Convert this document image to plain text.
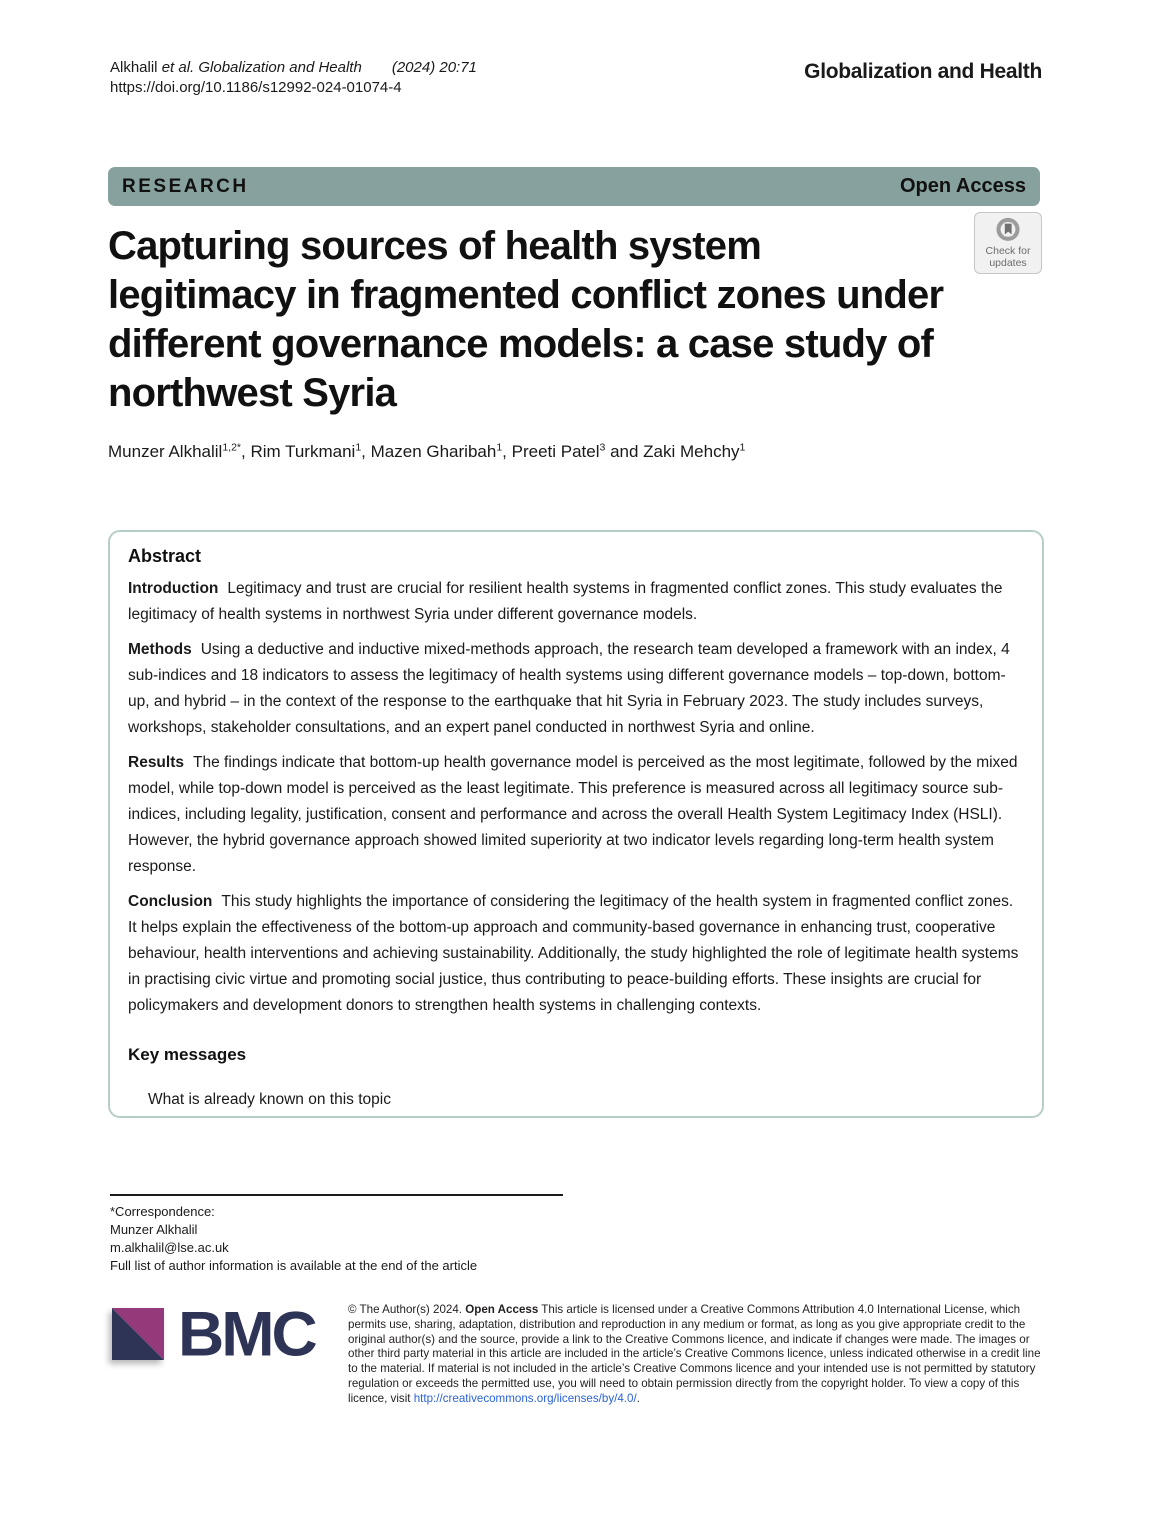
Alkhalil et al. Globalization and Health (2024) 20:71
https://doi.org/10.1186/s12992-024-01074-4
Globalization and Health
RESEARCH	Open Access
Check for
updates
Capturing sources of health system legitimacy in fragmented conflict zones under different governance models: a case study of northwest Syria
Munzer Alkhalil$^{1,2*}$, Rim Turkmani$^1$, Mazen Gharibah$^1$, Preeti Patel$^3$ and Zaki Mehchy$^1$
Abstract

Introduction Legitimacy and trust are crucial for resilient health systems in fragmented conflict zones. This study evaluates the legitimacy of health systems in northwest Syria under different governance models.

Methods Using a deductive and inductive mixed-methods approach, the research team developed a framework with an index, 4 sub-indices and 18 indicators to assess the legitimacy of health systems using different governance models – top-down, bottom-up, and hybrid – in the context of the response to the earthquake that hit Syria in February 2023. The study includes surveys, workshops, stakeholder consultations, and an expert panel conducted in northwest Syria and online.

Results The findings indicate that bottom-up health governance model is perceived as the most legitimate, followed by the mixed model, while top-down model is perceived as the least legitimate. This preference is measured across all legitimacy source sub-indices, including legality, justification, consent and performance and across the overall Health System Legitimacy Index (HSLI). However, the hybrid governance approach showed limited superiority at two indicator levels regarding long-term health system response.

Conclusion This study highlights the importance of considering the legitimacy of the health system in fragmented conflict zones. It helps explain the effectiveness of the bottom-up approach and community-based governance in enhancing trust, cooperative behaviour, health interventions and achieving sustainability. Additionally, the study highlighted the role of legitimate health systems in practising civic virtue and promoting social justice, thus contributing to peace-building efforts. These insights are crucial for policymakers and development donors to strengthen health systems in challenging contexts.

Key messages
What is already known on this topic
*Correspondence:
Munzer Alkhalil
m.alkhalil@lse.ac.uk
Full list of author information is available at the end of the article
BMC	© The Author(s) 2024. Open Access This article is licensed under a Creative Commons Attribution 4.0 International License, which permits use, sharing, adaptation, distribution and reproduction in any medium or format, as long as you give appropriate credit to the original author(s) and the source, provide a link to the Creative Commons licence, and indicate if changes were made. The images or other third party material in this article are included in the article’s Creative Commons licence, unless indicated otherwise in a credit line to the material. If material is not included in the article’s Creative Commons licence and your intended use is not permitted by statutory regulation or exceeds the permitted use, you will need to obtain permission directly from the copyright holder. To view a copy of this licence, visit http://creativecommons.org/licenses/by/4.0/.
